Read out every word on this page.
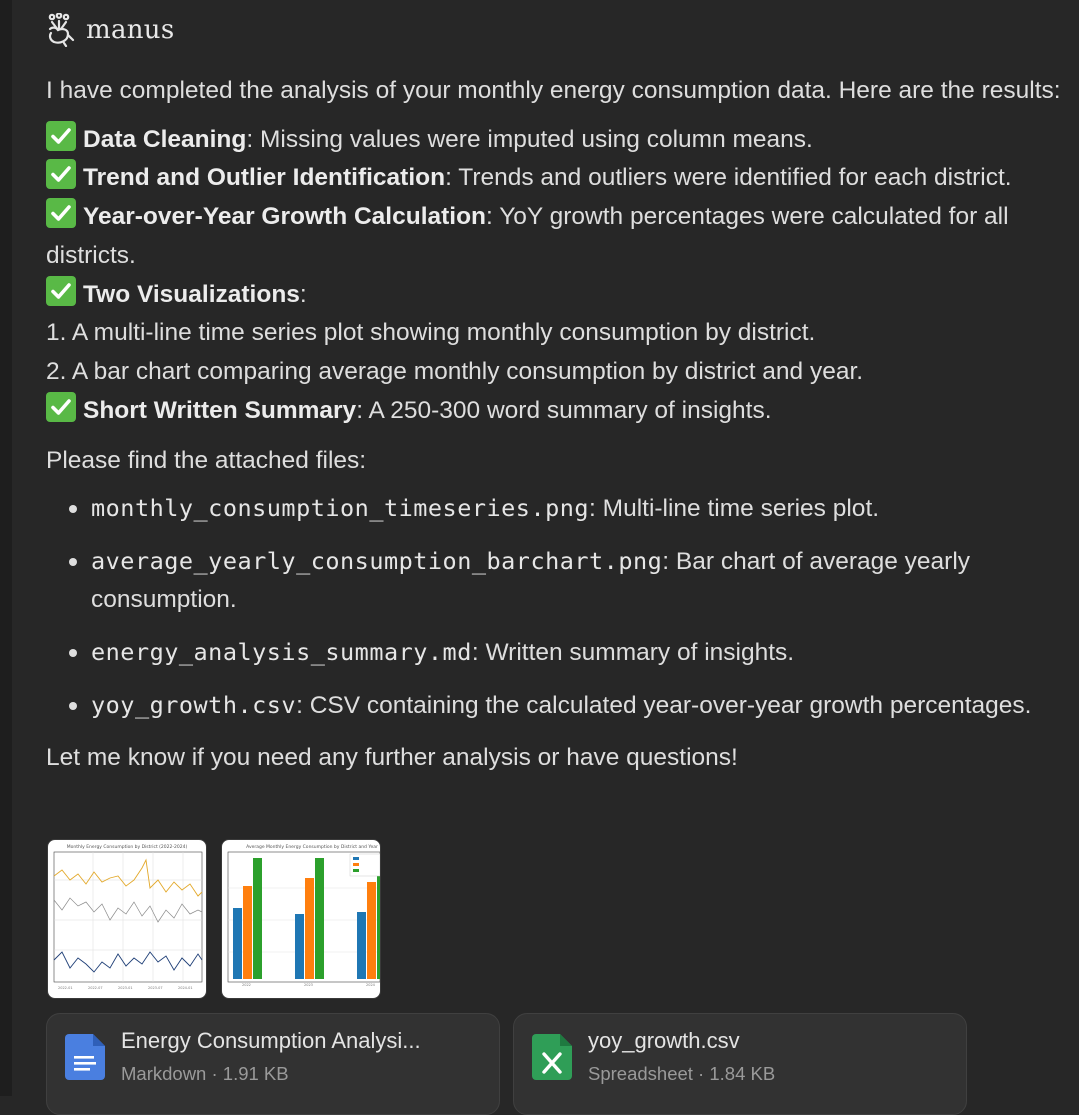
manus

I have completed the analysis of your monthly energy consumption data. Here are the results:

Data Cleaning: Missing values were imputed using column means.

Trend and Outlier Identification: Trends and outliers were identified for each district.

Year-over-Year Growth Calculation: YoY growth percentages were calculated for all districts.

Two Visualizations:

1. A multi-line time series plot showing monthly consumption by district.

2. A bar chart comparing average monthly consumption by district and year.

Short Written Summary: A 250-300 word summary of insights.

Please find the attached files:

monthly_consumption_timeseries.png: Multi-line time series plot.
average_yearly_consumption_barchart.png: Bar chart of average yearly consumption.
energy_analysis_summary.md: Written summary of insights.
yoy_growth.csv: CSV containing the calculated year-over-year growth percentages.

Let me know if you need any further analysis or have questions!

Monthly Energy Consumption by District (2022-2024)
2022-01	2022-07	2023-01	2023-07	2024-01
Average Monthly Energy Consumption by District and Year
2022	2023	2024
Energy Consumption Analysi...
Markdown · 1.91 KB
yoy_growth.csv
Spreadsheet · 1.84 KB
